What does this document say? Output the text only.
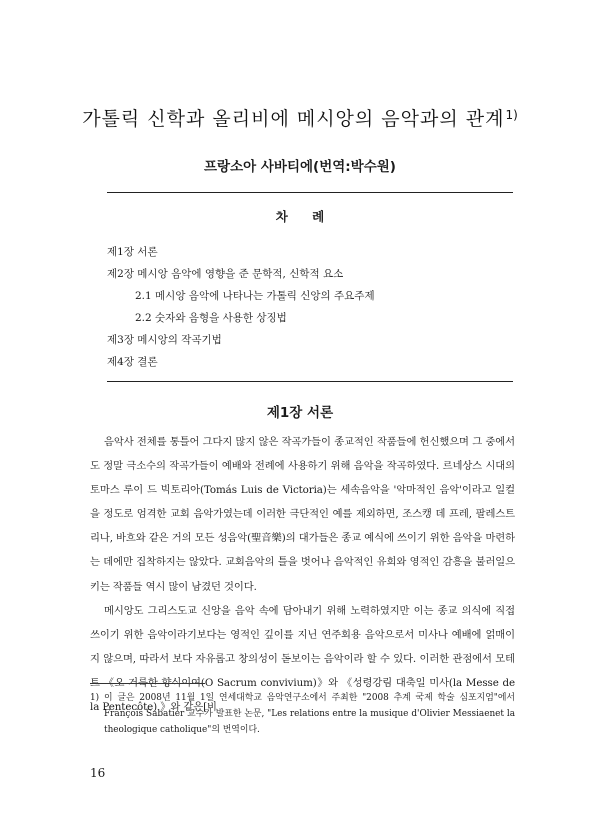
가톨릭 신학과 올리비에 메시앙의 음악과의 관계$^{1)}$
프랑소아 사바티에(번역:박수원)
차 례
제1장 서론
제2장 메시앙 음악에 영향을 준 문학적, 신학적 요소
2.1 메시앙 음악에 나타나는 가톨릭 신앙의 주요주제
2.2 숫자와 음형을 사용한 상징법
제3장 메시앙의 작곡기법
제4장 결론
제1장 서론

음악사 전체를 통틀어 그다지 많지 않은 작곡가들이 종교적인 작품들에 헌신했으며 그 중에서도 정말 극소수의 작곡가들이 예배와 전례에 사용하기 위해 음악을 작곡하였다. 르네상스 시대의 토마스 루이 드 빅토리아(Tomás Luis de Victoria)는 세속음악을 '악마적인 음악'이라고 일컬을 정도로 엄격한 교회 음악가였는데 이러한 극단적인 예를 제외하면, 조스캥 데 프레, 팔레스트리나, 바흐와 같은 거의 모든 성음악(聖音樂)의 대가들은 종교 예식에 쓰이기 위한 음악을 마련하는 데에만 집착하지는 않았다. 교회음악의 틀을 벗어나 음악적인 유희와 영적인 감흥을 불러일으키는 작품들 역시 많이 남겼던 것이다.

메시앙도 그리스도교 신앙을 음악 속에 담아내기 위해 노력하였지만 이는 종교 의식에 직접 쓰이기 위한 음악이라기보다는 영적인 깊이를 지닌 연주회용 음악으로서 미사나 예배에 얽매이지 않으며, 따라서 보다 자유롭고 창의성이 돋보이는 음악이라 할 수 있다. 이러한 관점에서 모테트 《오 거룩한 향식이여(O Sacrum convivium)》와 《성령강림 대축일 미사(la Messe de la Pentecôte) 》와 같은[비

1) 이 글은 2008년 11월 1일 연세대학교 음악연구소에서 주최한 "2008 추계 국제 학술 심포지엄"에서 François Sabatier 교수가 발표한 논문, "Les relations entre la musique d'Olivier Messiaenet la theologique catholique"의 번역이다.
16
